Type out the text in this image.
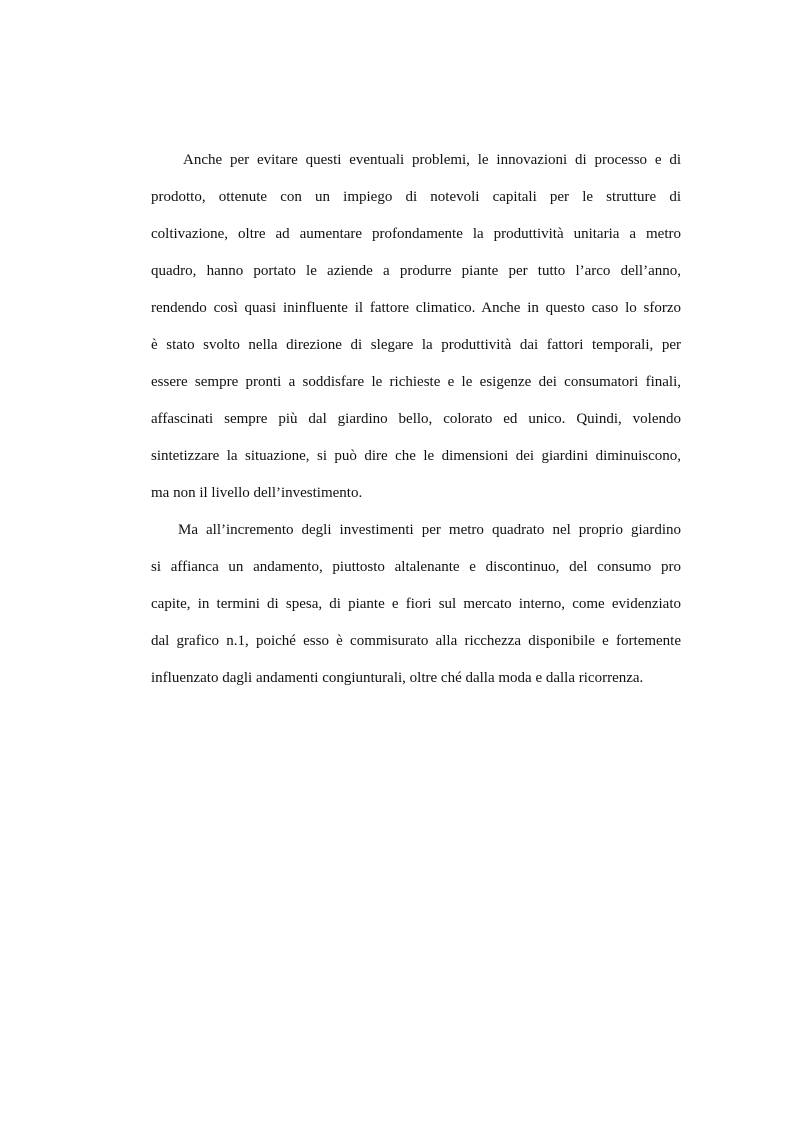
Anche per evitare questi eventuali problemi, le innovazioni di processo e di
prodotto, ottenute con un impiego di notevoli capitali per le strutture di
coltivazione, oltre ad aumentare profondamente la produttività unitaria a metro
quadro, hanno portato le aziende a produrre piante per tutto l’arco dell’anno,
rendendo così quasi ininfluente il fattore climatico. Anche in questo caso lo sforzo
è stato svolto nella direzione di slegare la produttività dai fattori temporali, per
essere sempre pronti a soddisfare le richieste e le esigenze dei consumatori finali,
affascinati sempre più dal giardino bello, colorato ed unico. Quindi, volendo
sintetizzare la situazione, si può dire che le dimensioni dei giardini diminuiscono,
ma non il livello dell’investimento.
Ma all’incremento degli investimenti per metro quadrato nel proprio giardino
si affianca un andamento, piuttosto altalenante e discontinuo, del consumo pro
capite, in termini di spesa, di piante e fiori sul mercato interno, come evidenziato
dal grafico n.1, poiché esso è commisurato alla ricchezza disponibile e fortemente
influenzato dagli andamenti congiunturali, oltre ché dalla moda e dalla ricorrenza.
